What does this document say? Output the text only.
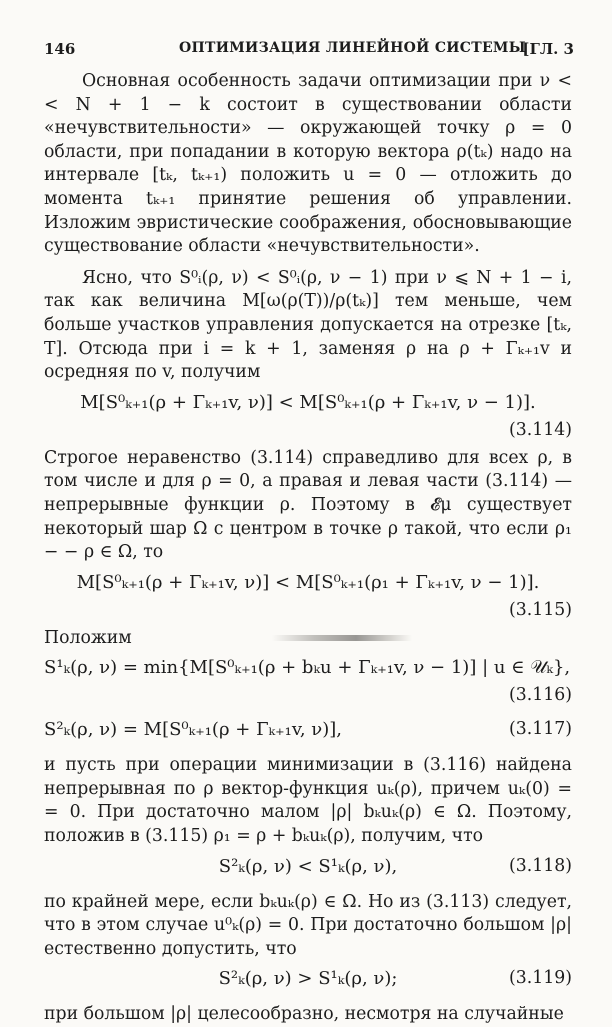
146	ОПТИМИЗАЦИЯ ЛИНЕЙНОЙ СИСТЕМЫ
[ГЛ. 3

Основная особенность задачи оптимизации при ν < < N + 1 − k состоит в существовании области «нечувствительности» — окружающей точку ρ = 0 области, при попадании в которую вектора ρ(tₖ) надо на интервале [tₖ, tₖ₊₁) положить u = 0 — отложить до момента tₖ₊₁ принятие решения об управлении. Изложим эвристические соображения, обосновывающие существование области «нечувствительности».

Ясно, что S⁰ᵢ(ρ, ν) < S⁰ᵢ(ρ, ν − 1) при ν ⩽ N + 1 − i, так как величина M[ω(ρ(T))/ρ(tₖ)] тем меньше, чем больше участков управления допускается на отрезке [tₖ, T]. Отсюда при i = k + 1, заменяя ρ на ρ + Γₖ₊₁v и осредняя по v, получим

M[S⁰ₖ₊₁(ρ + Γₖ₊₁v, ν)] < M[S⁰ₖ₊₁(ρ + Γₖ₊₁v, ν − 1)].
(3.114)

Строгое неравенство (3.114) справедливо для всех ρ, в том числе и для ρ = 0, а правая и левая части (3.114) — непрерывные функции ρ. Поэтому в 𝓔μ существует некоторый шар Ω с центром в точке ρ такой, что если ρ₁ − − ρ ∈ Ω, то

M[S⁰ₖ₊₁(ρ + Γₖ₊₁v, ν)] < M[S⁰ₖ₊₁(ρ₁ + Γₖ₊₁v, ν − 1)].
(3.115)

Положим

S¹ₖ(ρ, ν) = min{M[S⁰ₖ₊₁(ρ + bₖu + Γₖ₊₁v, ν − 1)] | u ∈ 𝒰ₖ},
(3.116)
S²ₖ(ρ, ν) = M[S⁰ₖ₊₁(ρ + Γₖ₊₁v, ν)],	(3.117)

и пусть при операции минимизации в (3.116) найдена непрерывная по ρ вектор-функция uₖ(ρ), причем uₖ(0) = = 0. При достаточно малом |ρ| bₖuₖ(ρ) ∈ Ω. Поэтому, положив в (3.115) ρ₁ = ρ + bₖuₖ(ρ), получим, что

S²ₖ(ρ, ν) < S¹ₖ(ρ, ν),	(3.118)

по крайней мере, если bₖuₖ(ρ) ∈ Ω. Но из (3.113) следует, что в этом случае u⁰ₖ(ρ) = 0. При достаточно большом |ρ| естественно допустить, что

S²ₖ(ρ, ν) > S¹ₖ(ρ, ν);	(3.119)

при большом |ρ| целесообразно, несмотря на случайные
